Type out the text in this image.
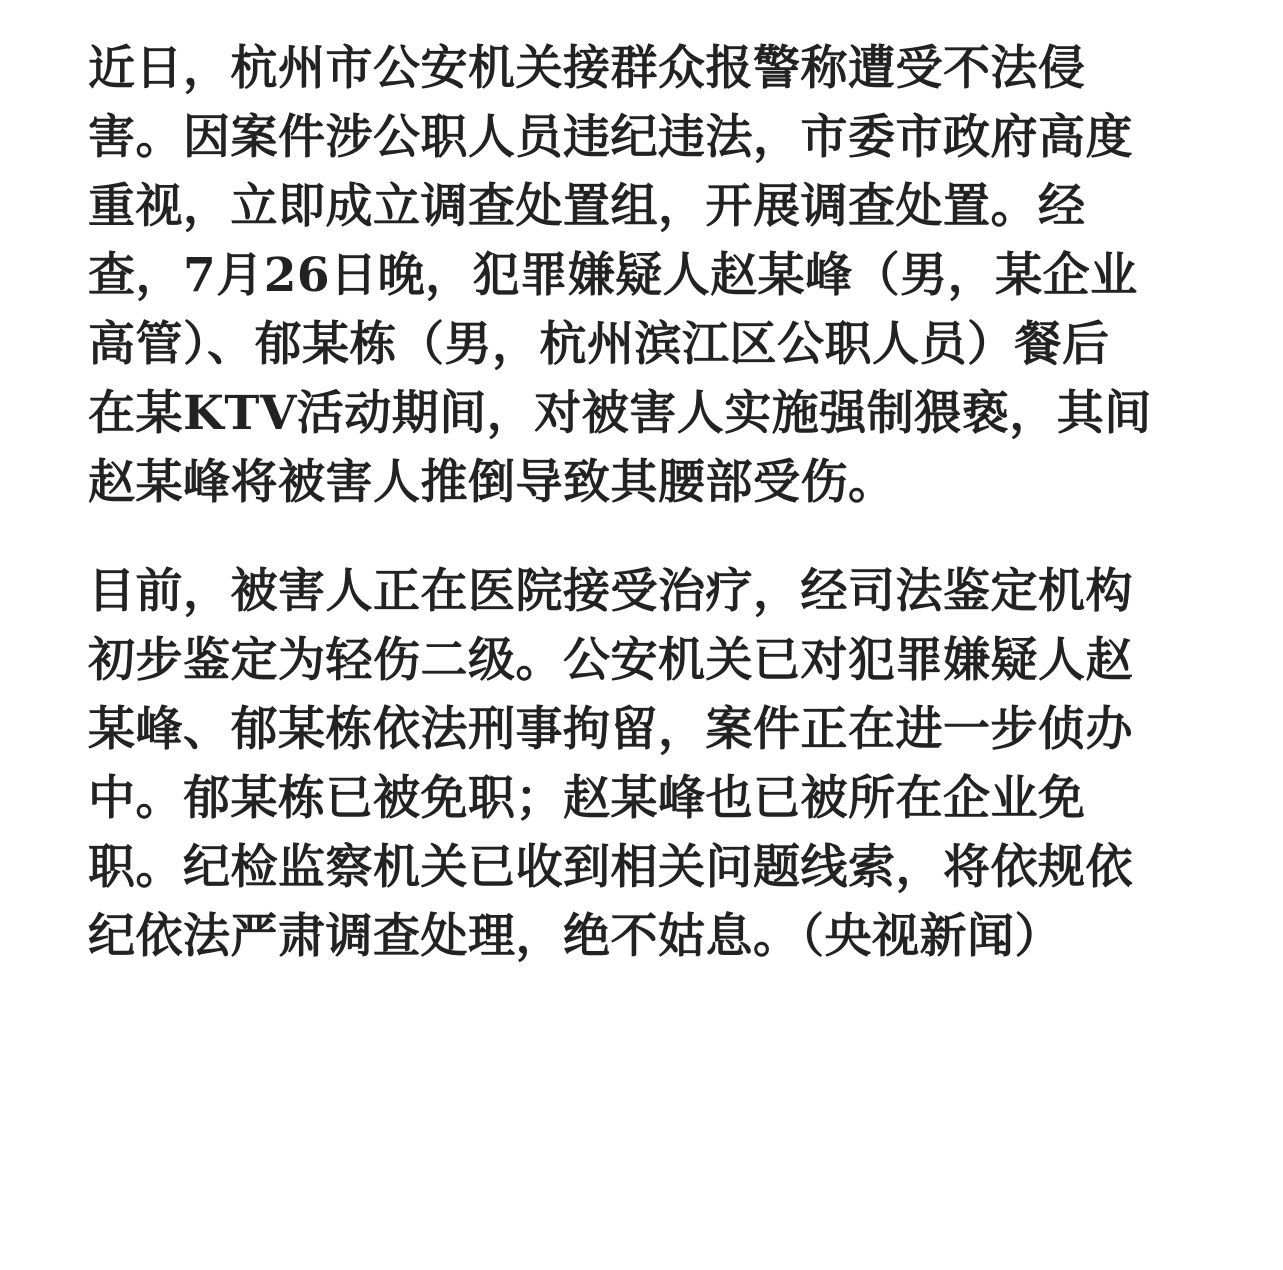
近日，杭州市公安机关接群众报警称遭受不法侵
害。因案件涉公职人员违纪违法，市委市政府高度
重视，立即成立调查处置组，开展调查处置。经
查，7月26日晚，犯罪嫌疑人赵某峰（男，某企业
高管）、郁某栋（男，杭州滨江区公职人员）餐后
在某KTV活动期间，对被害人实施强制猥亵，其间
赵某峰将被害人推倒导致其腰部受伤。

目前，被害人正在医院接受治疗，经司法鉴定机构
初步鉴定为轻伤二级。公安机关已对犯罪嫌疑人赵
某峰、郁某栋依法刑事拘留，案件正在进一步侦办
中。郁某栋已被免职；赵某峰也已被所在企业免
职。纪检监察机关已收到相关问题线索，将依规依
纪依法严肃调查处理，绝不姑息。（央视新闻）
